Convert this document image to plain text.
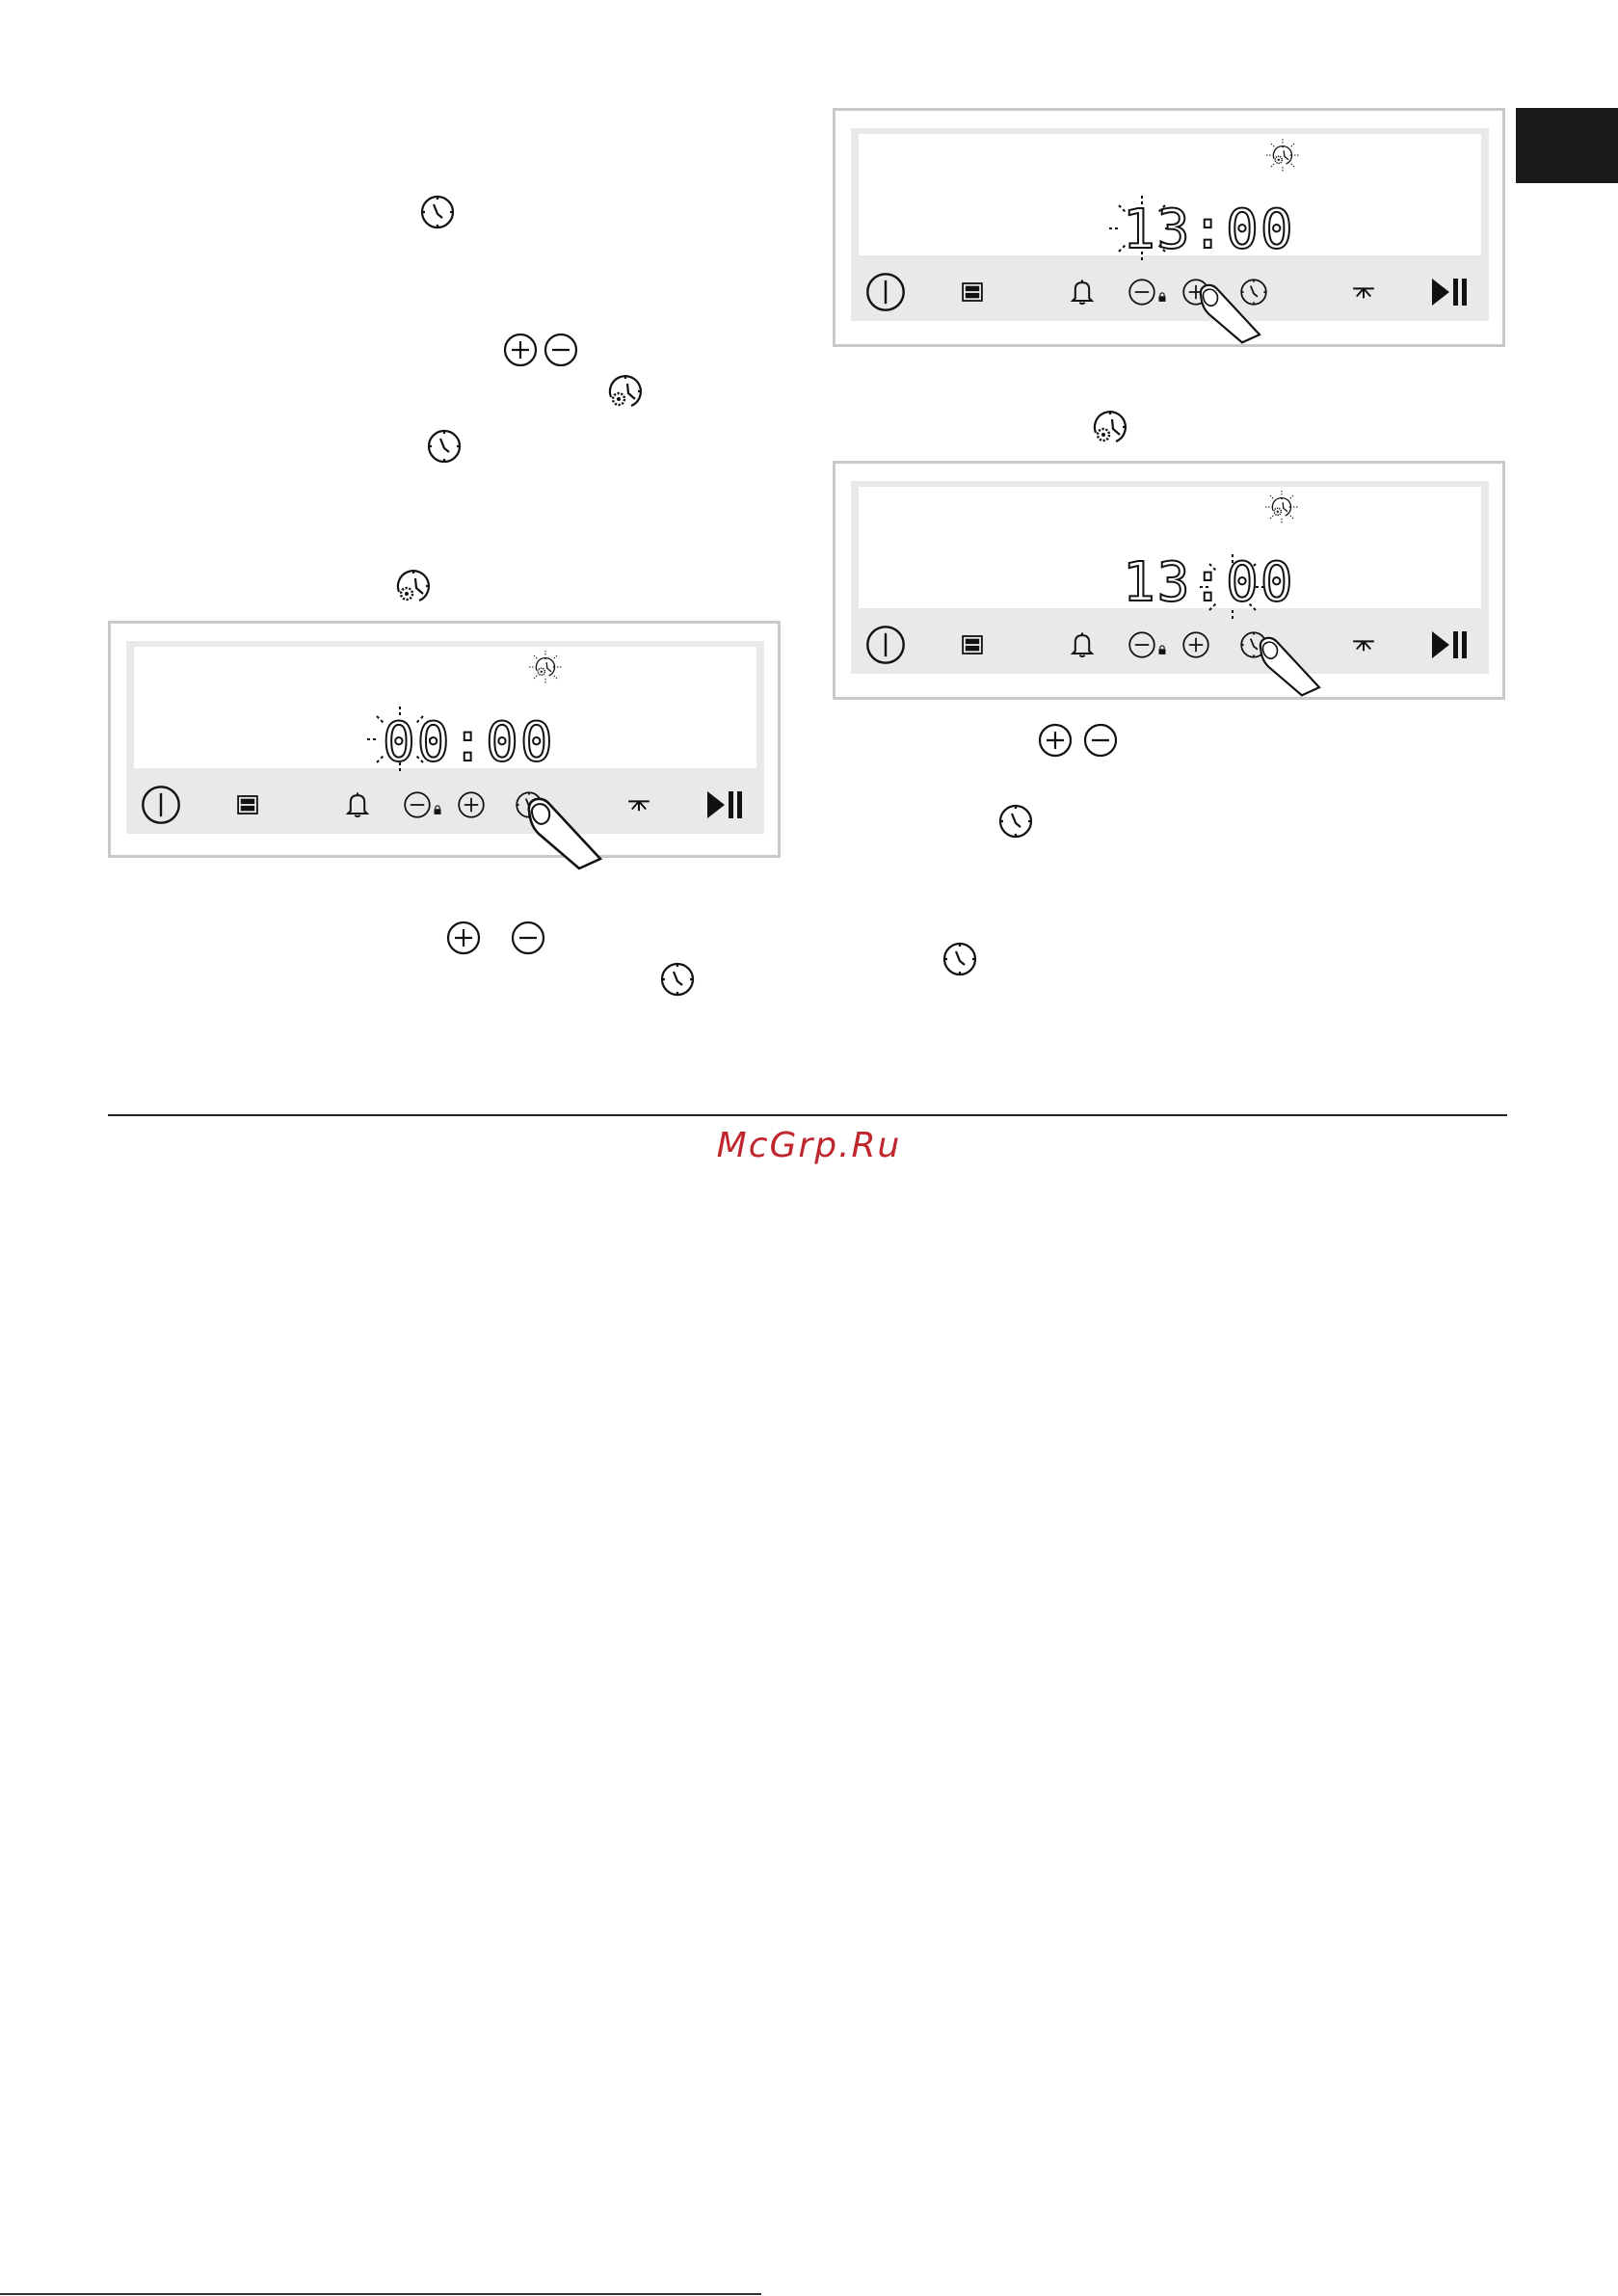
00:00
13:00
13:00
McGrp.Ru
